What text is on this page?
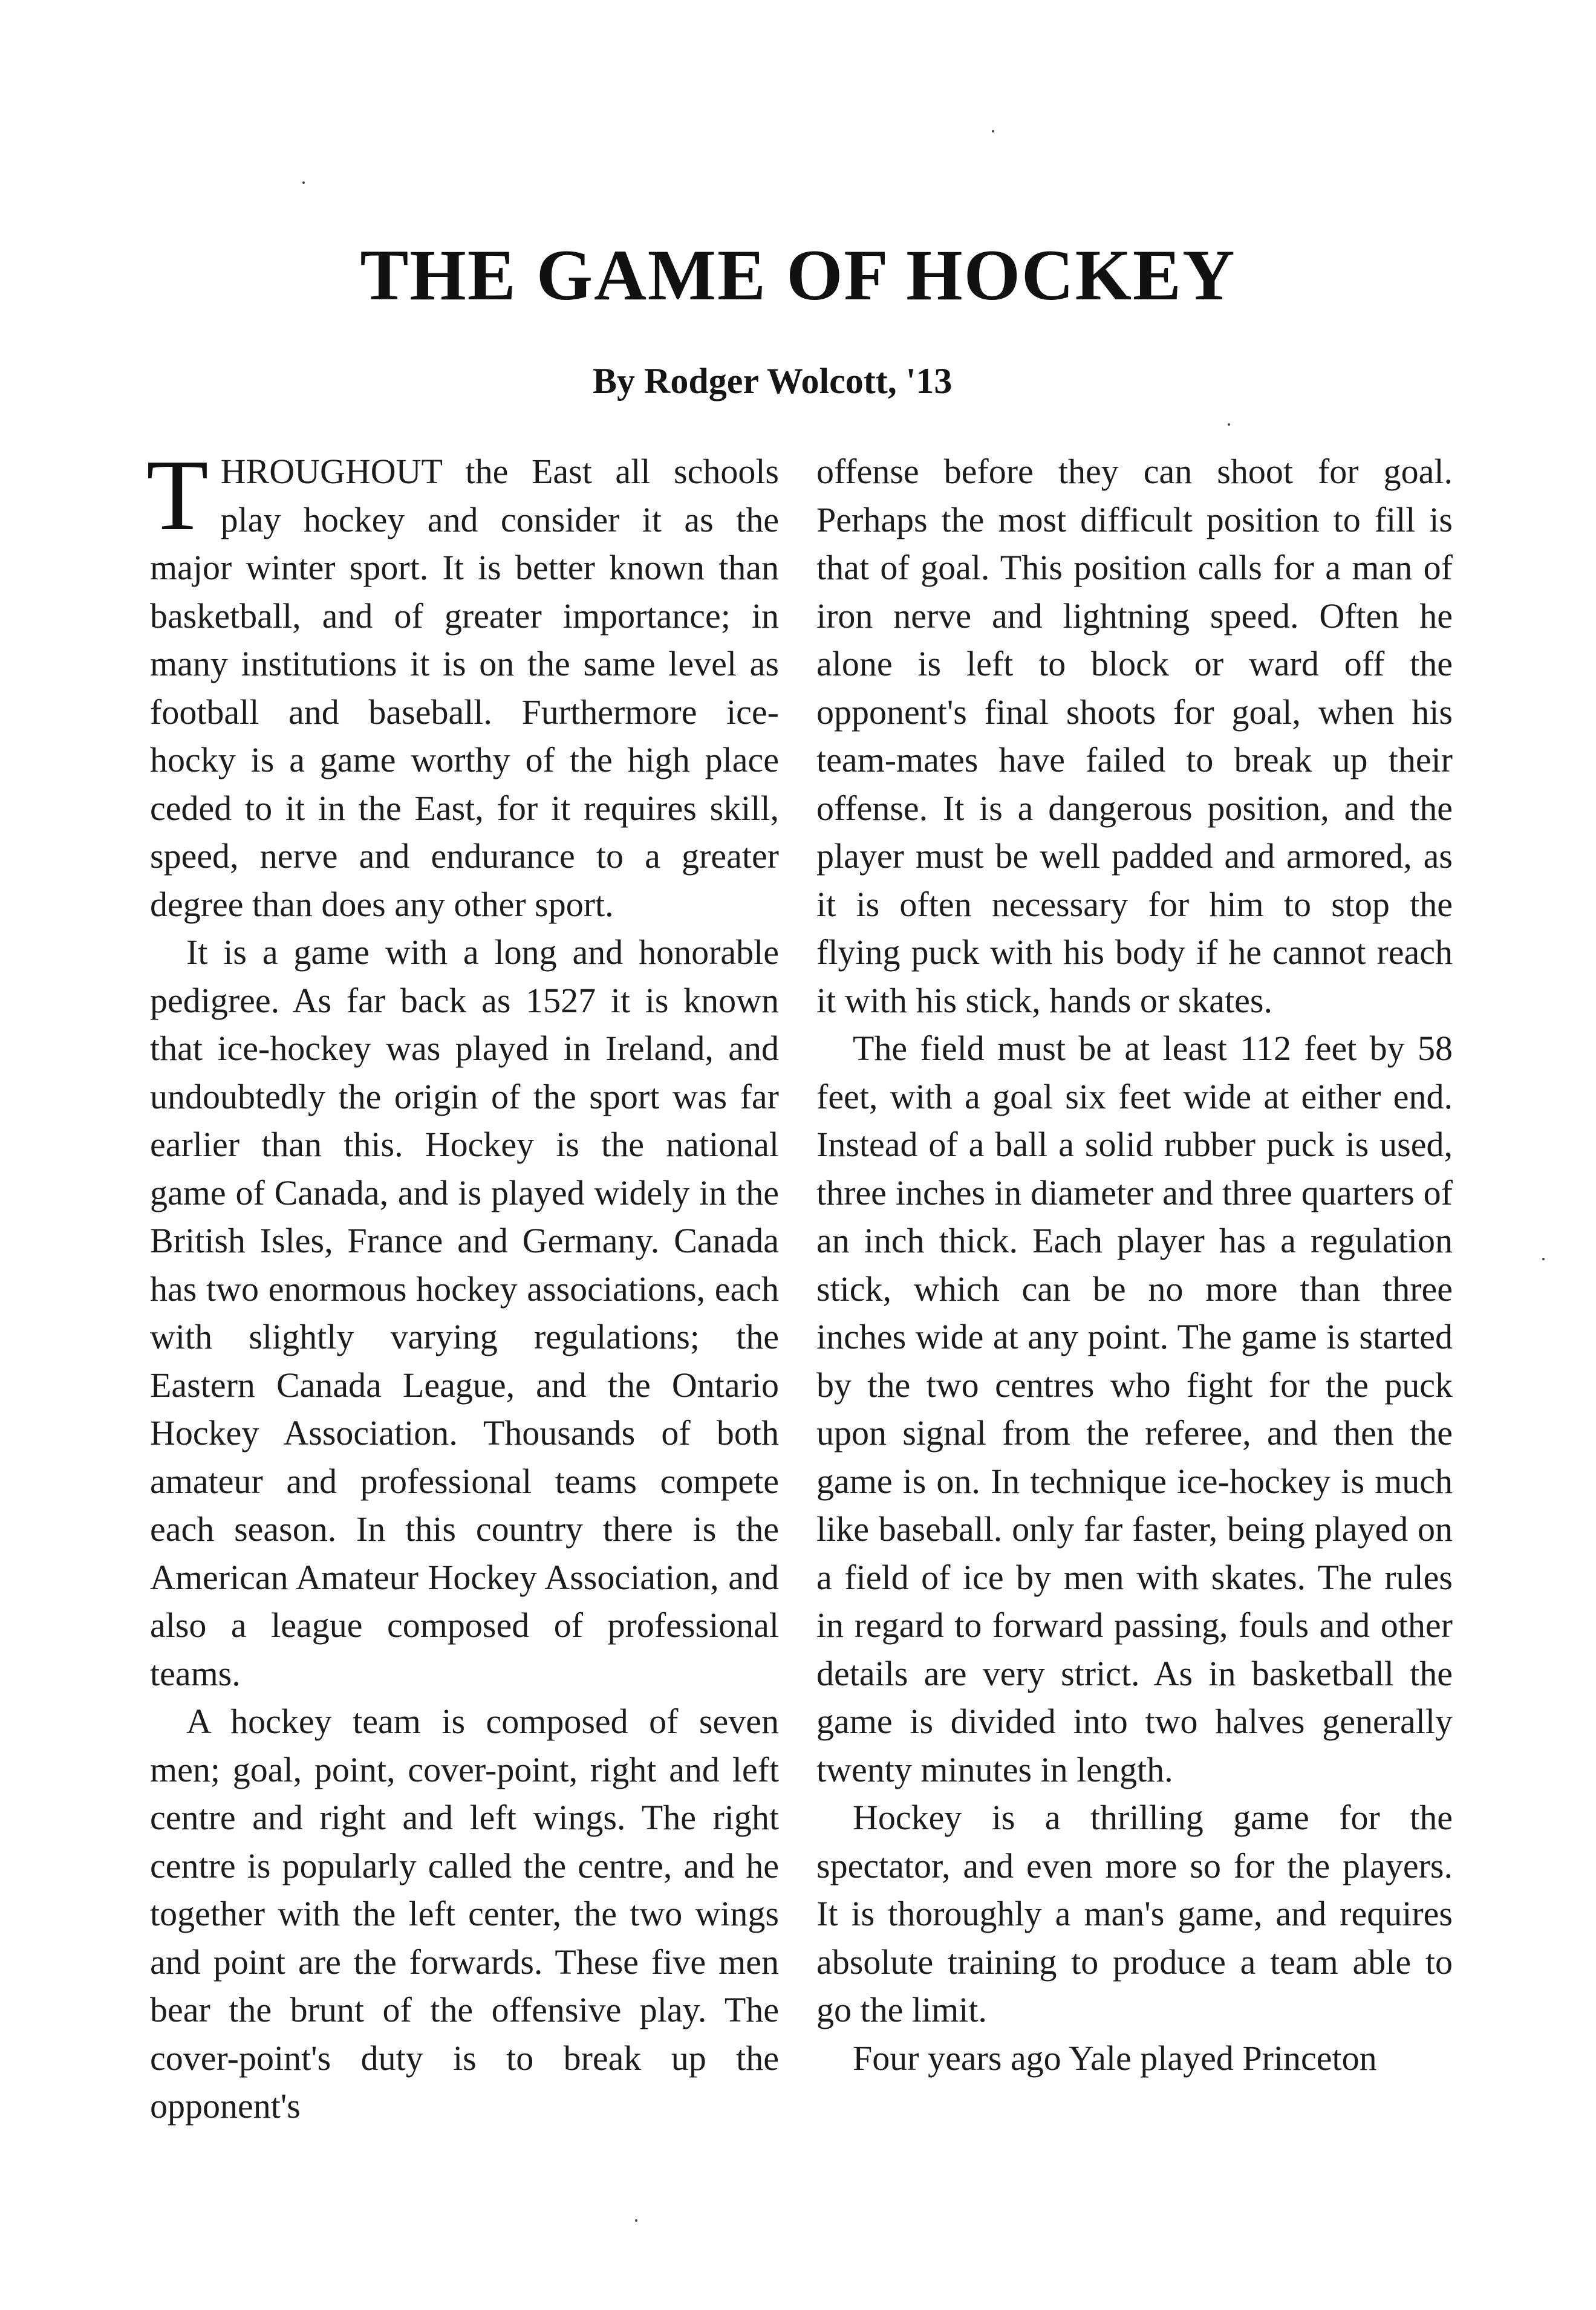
THE GAME OF HOCKEY
By Rodger Wolcott, '13

T HROUGHOUT the East all schools play hockey and consider it as the major winter sport. It is better known than basketball, and of greater importance; in many institutions it is on the same level as football and baseball. Furthermore ice-hocky is a game worthy of the high place ceded to it in the East, for it requires skill, speed, nerve and endurance to a greater degree than does any other sport.

It is a game with a long and honorable pedigree. As far back as 1527 it is known that ice-hockey was played in Ireland, and undoubtedly the origin of the sport was far earlier than this. Hockey is the national game of Canada, and is played widely in the British Isles, France and Germany. Canada has two enormous hockey associations, each with slightly varying regulations; the Eastern Canada League, and the Ontario Hockey Association. Thousands of both amateur and professional teams compete each season. In this country there is the American Amateur Hockey Association, and also a league composed of professional teams.

A hockey team is composed of seven men; goal, point, cover-point, right and left centre and right and left wings. The right centre is popularly called the centre, and he together with the left center, the two wings and point are the forwards. These five men bear the brunt of the offensive play. The cover-point's duty is to break up the opponent's

offense before they can shoot for goal. Perhaps the most difficult position to fill is that of goal. This position calls for a man of iron nerve and lightning speed. Often he alone is left to block or ward off the opponent's final shoots for goal, when his team-mates have failed to break up their offense. It is a dangerous position, and the player must be well padded and armored, as it is often necessary for him to stop the flying puck with his body if he cannot reach it with his stick, hands or skates.

The field must be at least 112 feet by 58 feet, with a goal six feet wide at either end. Instead of a ball a solid rubber puck is used, three inches in diameter and three quarters of an inch thick. Each player has a regulation stick, which can be no more than three inches wide at any point. The game is started by the two centres who fight for the puck upon signal from the referee, and then the game is on. In technique ice-hockey is much like baseball. only far faster, being played on a field of ice by men with skates. The rules in regard to forward passing, fouls and other details are very strict. As in basketball the game is divided into two halves generally twenty minutes in length.

Hockey is a thrilling game for the spectator, and even more so for the players. It is thoroughly a man's game, and requires absolute training to produce a team able to go the limit.

Four years ago Yale played Princeton
